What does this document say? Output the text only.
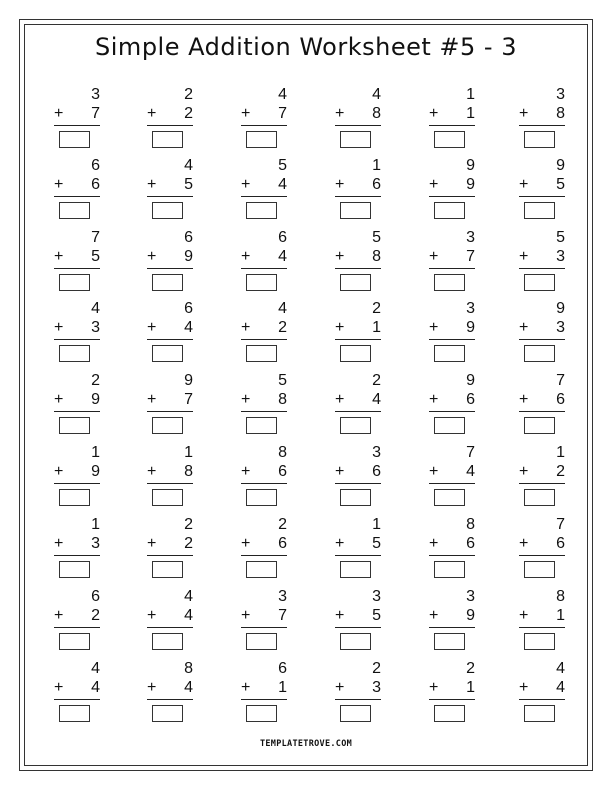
Simple Addition Worksheet #5 - 3
3
+ 7
2
+ 2
4
+ 7
4
+ 8
1
+ 1
3
+ 8
6
+ 6
4
+ 5
5
+ 4
1
+ 6
9
+ 9
9
+ 5
7
+ 5
6
+ 9
6
+ 4
5
+ 8
3
+ 7
5
+ 3
4
+ 3
6
+ 4
4
+ 2
2
+ 1
3
+ 9
9
+ 3
2
+ 9
9
+ 7
5
+ 8
2
+ 4
9
+ 6
7
+ 6
1
+ 9
1
+ 8
8
+ 6
3
+ 6
7
+ 4
1
+ 2
1
+ 3
2
+ 2
2
+ 6
1
+ 5
8
+ 6
7
+ 6
6
+ 2
4
+ 4
3
+ 7
3
+ 5
3
+ 9
8
+ 1
4
+ 4
8
+ 4
6
+ 1
2
+ 3
2
+ 1
4
+ 4
TEMPLATETROVE.COM
